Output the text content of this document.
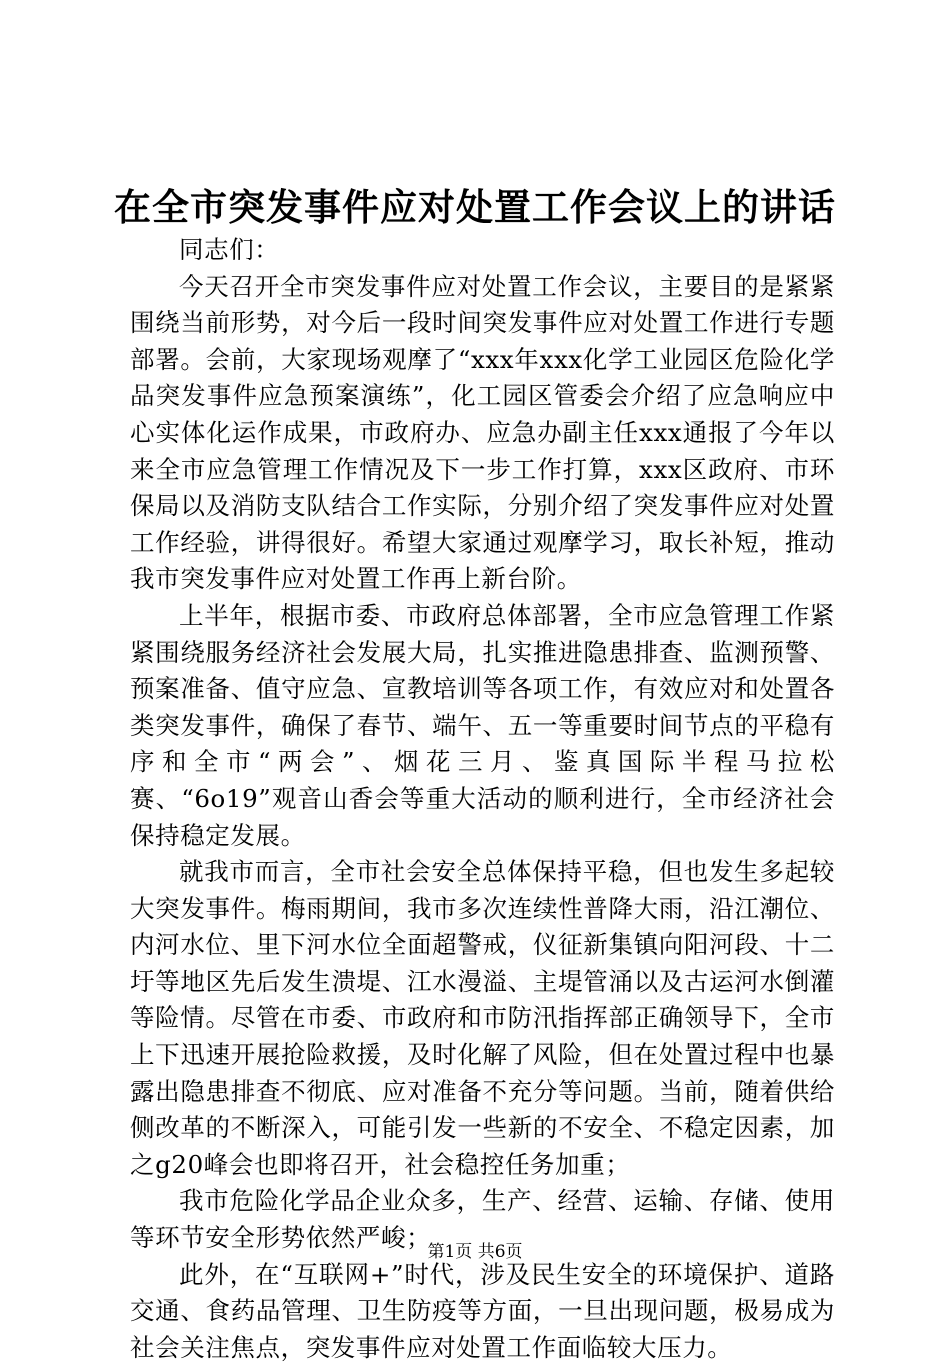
在全市突发事件应对处置工作会议上的讲话

同志们：

今天召开全市突发事件应对处置工作会议，主要目的是紧紧围绕当前形势，对今后一段时间突发事件应对处置工作进行专题部署。会前，大家现场观摩了“xxx年xxx化学工业园区危险化学品突发事件应急预案演练”，化工园区管委会介绍了应急响应中心实体化运作成果，市政府办、应急办副主任xxx通报了今年以来全市应急管理工作情况及下一步工作打算，xxx区政府、市环保局以及消防支队结合工作实际，分别介绍了突发事件应对处置工作经验，讲得很好。希望大家通过观摩学习，取长补短，推动我市突发事件应对处置工作再上新台阶。

上半年，根据市委、市政府总体部署，全市应急管理工作紧紧围绕服务经济社会发展大局，扎实推进隐患排查、监测预警、预案准备、值守应急、宣教培训等各项工作，有效应对和处置各类突发事件，确保了春节、端午、五一等重要时间节点的平稳有序和全市“两会”、烟花三月、鉴真国际半程马拉松赛、“6o19”观音山香会等重大活动的顺利进行，全市经济社会保持稳定发展。

就我市而言，全市社会安全总体保持平稳，但也发生多起较大突发事件。梅雨期间，我市多次连续性普降大雨，沿江潮位、内河水位、里下河水位全面超警戒，仪征新集镇向阳河段、十二圩等地区先后发生溃堤、江水漫溢、主堤管涌以及古运河水倒灌等险情。尽管在市委、市政府和市防汛指挥部正确领导下，全市上下迅速开展抢险救援，及时化解了风险，但在处置过程中也暴露出隐患排查不彻底、应对准备不充分等问题。当前，随着供给侧改革的不断深入，可能引发一些新的不安全、不稳定因素，加之g20峰会也即将召开，社会稳控任务加重；

我市危险化学品企业众多，生产、经营、运输、存储、使用等环节安全形势依然严峻；

此外，在“互联网+”时代，涉及民生安全的环境保护、道路交通、食药品管理、卫生防疫等方面，一旦出现问题，极易成为社会关注焦点，突发事件应对处置工作面临较大压力。

第1页 共6页
